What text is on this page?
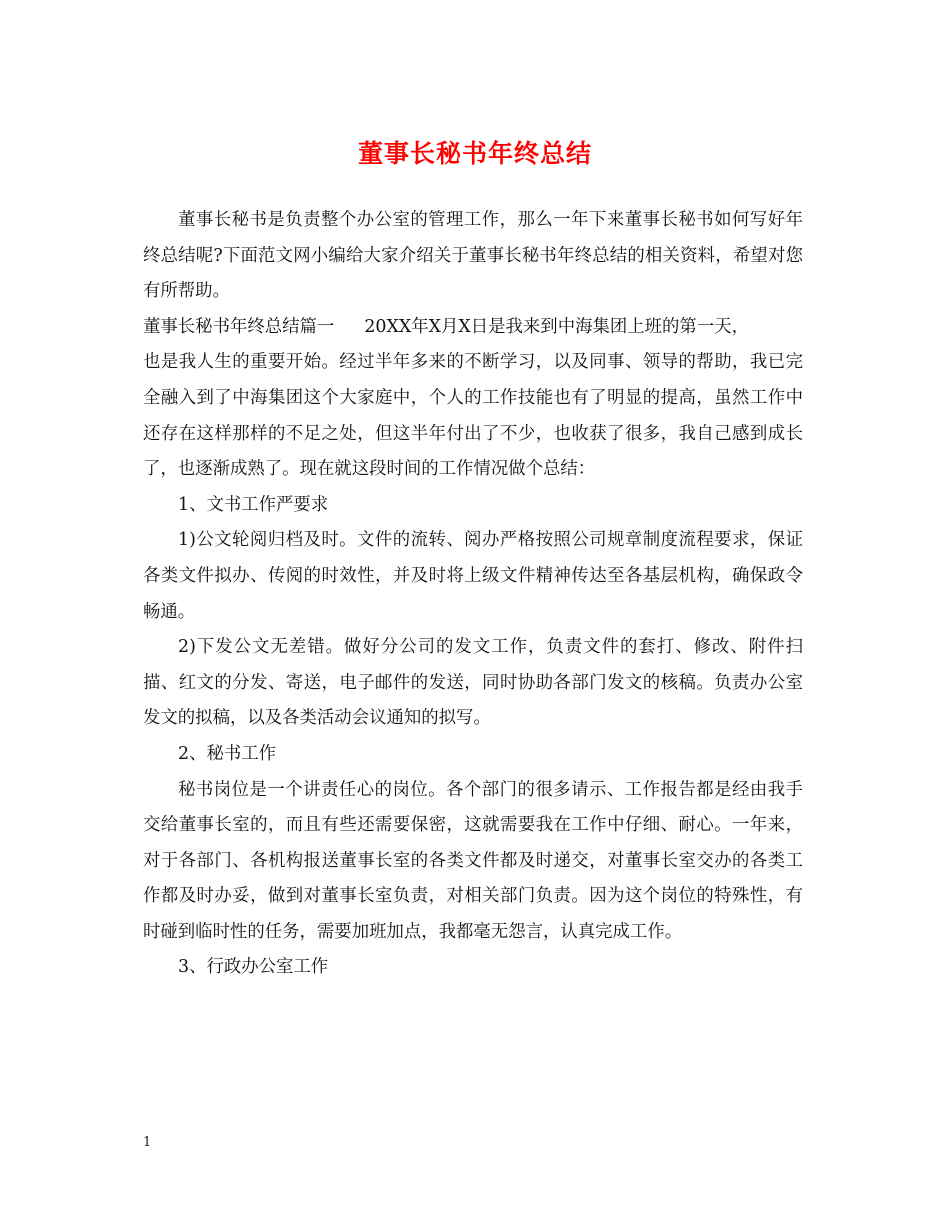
董事长秘书年终总结

董事长秘书是负责整个办公室的管理工作，那么一年下来董事长秘书如何写好年终总结呢?下面范文网小编给大家介绍关于董事长秘书年终总结的相关资料，希望对您有所帮助。

董事长秘书年终总结篇一 20XX年X月X日是我来到中海集团上班的第一天，

也是我人生的重要开始。经过半年多来的不断学习，以及同事、领导的帮助，我已完全融入到了中海集团这个大家庭中，个人的工作技能也有了明显的提高，虽然工作中还存在这样那样的不足之处，但这半年付出了不少，也收获了很多，我自己感到成长了，也逐渐成熟了。现在就这段时间的工作情况做个总结：

1、文书工作严要求

1)公文轮阅归档及时。文件的流转、阅办严格按照公司规章制度流程要求，保证各类文件拟办、传阅的时效性，并及时将上级文件精神传达至各基层机构，确保政令畅通。

2)下发公文无差错。做好分公司的发文工作，负责文件的套打、修改、附件扫描、红文的分发、寄送，电子邮件的发送，同时协助各部门发文的核稿。负责办公室发文的拟稿，以及各类活动会议通知的拟写。

2、秘书工作

秘书岗位是一个讲责任心的岗位。各个部门的很多请示、工作报告都是经由我手交给董事长室的，而且有些还需要保密，这就需要我在工作中仔细、耐心。一年来，对于各部门、各机构报送董事长室的各类文件都及时递交，对董事长室交办的各类工作都及时办妥，做到对董事长室负责，对相关部门负责。因为这个岗位的特殊性，有时碰到临时性的任务，需要加班加点，我都毫无怨言，认真完成工作。

3、行政办公室工作

1
